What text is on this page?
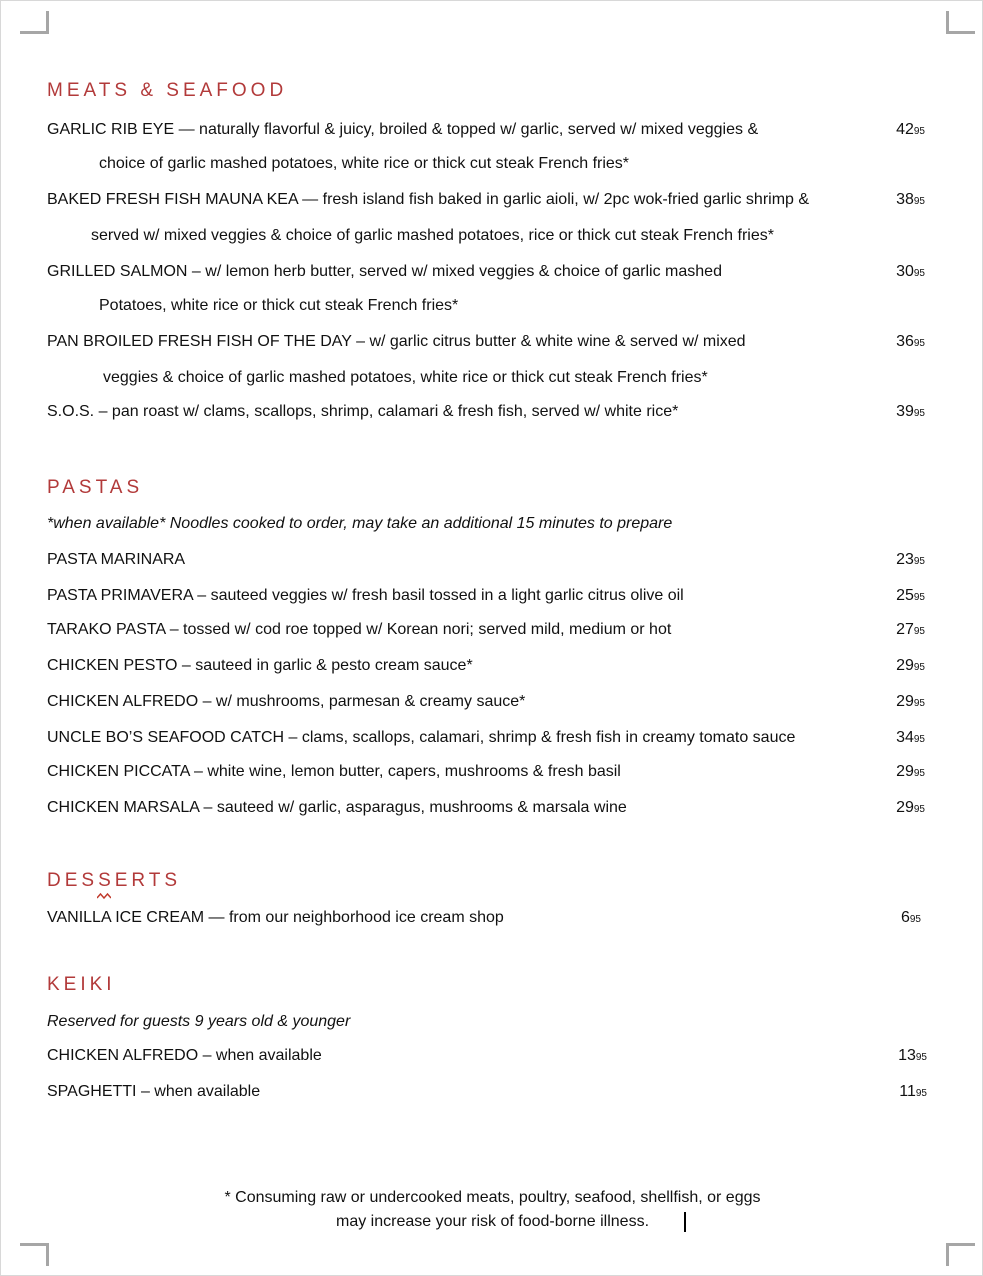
MEATS & SEAFOOD
GARLIC RIB EYE — naturally flavorful & juicy, broiled & topped w/ garlic, served w/ mixed veggies &
choice of garlic mashed potatoes, white rice or thick cut steak French fries*
4295
BAKED FRESH FISH MAUNA KEA — fresh island fish baked in garlic aioli, w/ 2pc wok-fried garlic shrimp &
served w/ mixed veggies & choice of garlic mashed potatoes, rice or thick cut steak French fries*
3895
GRILLED SALMON – w/ lemon herb butter, served w/ mixed veggies & choice of garlic mashed
Potatoes, white rice or thick cut steak French fries*
3095
PAN BROILED FRESH FISH OF THE DAY – w/ garlic citrus butter & white wine & served w/ mixed
veggies & choice of garlic mashed potatoes, white rice or thick cut steak French fries*
3695
S.O.S. – pan roast w/ clams, scallops, shrimp, calamari & fresh fish, served w/ white rice*	3995
PASTAS
*when available* Noodles cooked to order, may take an additional 15 minutes to prepare
PASTA MARINARA	2395
PASTA PRIMAVERA – sauteed veggies w/ fresh basil tossed in a light garlic citrus olive oil	2595
TARAKO PASTA – tossed w/ cod roe topped w/ Korean nori; served mild, medium or hot	2795
CHICKEN PESTO – sauteed in garlic & pesto cream sauce*	2995
CHICKEN ALFREDO – w/ mushrooms, parmesan & creamy sauce*	2995
UNCLE BO’S SEAFOOD CATCH – clams, scallops, calamari, shrimp & fresh fish in creamy tomato sauce	3495
CHICKEN PICCATA – white wine, lemon butter, capers, mushrooms & fresh basil	2995
CHICKEN MARSALA – sauteed w/ garlic, asparagus, mushrooms & marsala wine	2995
DESSERTS
VANILLA ICE CREAM — from our neighborhood ice cream shop	695
KEIKI
Reserved for guests 9 years old & younger
CHICKEN ALFREDO – when available	1395
SPAGHETTI – when available	1195
* Consuming raw or undercooked meats, poultry, seafood, shellfish, or eggs
may increase your risk of food-borne illness.
